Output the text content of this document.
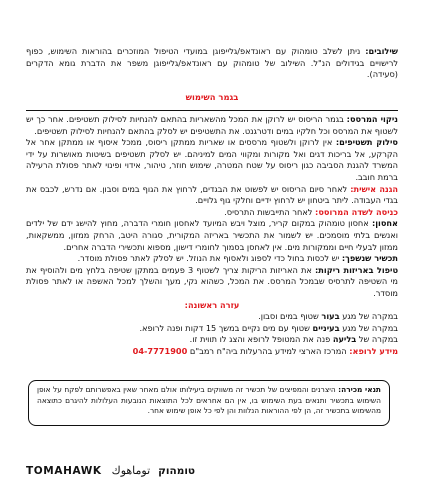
שילובים: ניתן לשלב טומהוק עם ראונדאפ/גלייפוגן במועדי הטיפול המוזכרים בהוראות השימוש, כפוף לרישויים בגידולים הנ"ל. השילוב של טומהוק עם ראונדאפ/גלייפוגן משפר את הדברת גומא הדקרים (סעידה).
בגמר השימוש
ניקוי המרסס: בגמר הריסוס יש לרוקן את המכל מהשאריות בהתאם להנחיות לסילוק תשטיפים. אחר כך יש לשטוף את המרסס וכל חלקיו במים ודטרגנט. את התשטיפים יש לסלק בהתאם להנחיות לסילוק תשטיפים.
סילוק תשטיפים: אין לרוקן ולשטוף מרססים או שאריות ממתקן ריסוס, ממכל איסוף או ממתקן אחר אל הקרקע, אל בריכות דגים ואל מקורות ומקווי המים למיניהם. יש לסלק תשטיפים בשיטות מאושרות על ידי המשרד להגנת הסביבה כגון ריסוס על שטח המטרה, שימוש חוזר, טיהור, אידוי ופינוי לאתר פסולת הרעילה ברמת חובב.
הגנה אישית: לאחר סיום הריסוס יש לפשוט את הבגדים, לרחוץ את הגוף במים וסבון. אם נדרש, לכבס את בגדי העבודה. ליתר ביטחון יש לרחוץ ידיים וחלקי גוף גלויים.
כניסה לשדה המרוסס: לאחר התייבשות התרסיס.
אחסון: אחסון טומהוק במקום קריר, מוצל ויבש המיועד לאחסון חומרי הדברה, מחוץ להישג ידם של ילדים ואנשים בלתי מוסמכים. יש לשמור את התכשיר באריזה המקורית, סגורה היטב, הרחק ממזון, ממשקאות, ממזון לבעלי חיים וממקורות מים. אין לאחסן בסמוך לחומרי דישון, מספוא ותכשירי הדברה אחרים.
תכשיר שנשפך: יש לכסות בחול כדי לספוג ולאסוף את הנוזל. יש לסלק לאתר פסולת מוסדר.
טיפול באריזות ריקות: את האריזות הריקות צריך לשטוף 3 פעמים במתקן שטיפה בלחץ מים ולהוסיף את מי השטיפה לתרסיס שבמכל המרסס. את המכל, כשהוא נקי, מעך והשלך למכל האשפה או לאתר פסולת מוסדר.
עזרה ראשונה:
במקרה של מגע בעור שטוף במים וסבון.
במקרה של מגע בעיניים שטוף עם מים נקיים במשך 15 דקות ופנה לרופא.
במקרה של בליעה פנה את המטופל לרופא והצג לו תווית זו.
מידע לרופא: המרכז הארצי למידע בהרעלות ביה"ח רמב"ם 04-7771900
תנאי מכירה: היצרנים והמפיצים של תכשיר זה משווקים ביעילותו אולם מאחר שאין באפשרותם לפקח על אופן השימוש בתכשיר ותנאים בעת השימוש בו, אין הם אחראים לכל התוצאות הנובעות העלולות להיגרם כתוצאה מהשימוש בתכשיר זה, הן לפי ההוראות הנלוות והן לפי כל אופן שימוש אחר.
TOMAHAWK توماهوك טומהוק
